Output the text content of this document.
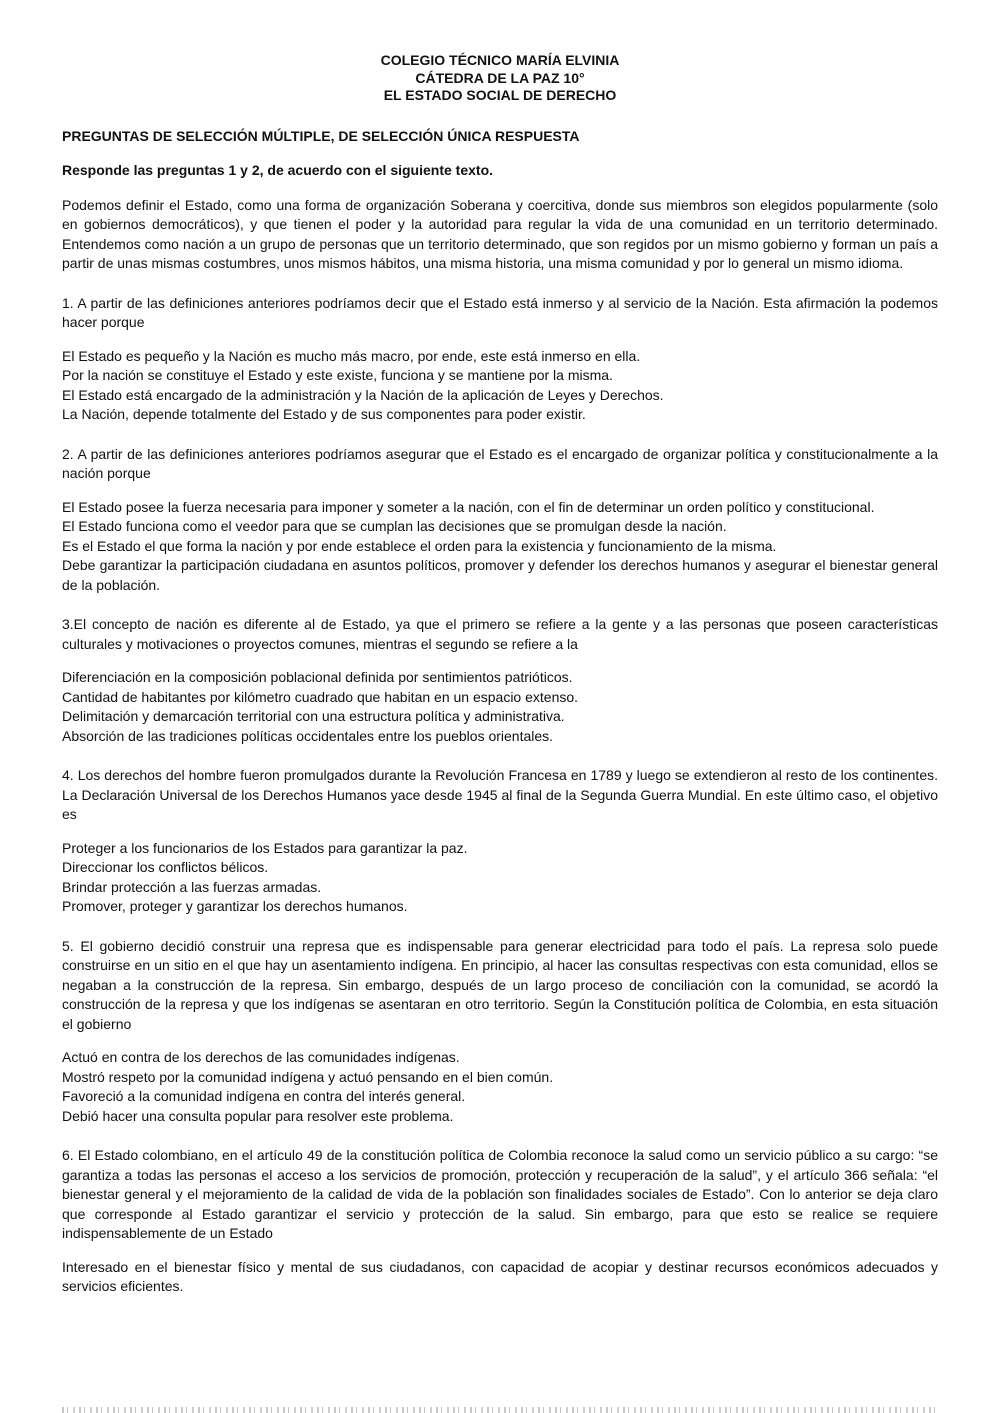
COLEGIO TÉCNICO MARÍA ELVINIA
CÁTEDRA DE LA PAZ 10°
EL ESTADO SOCIAL DE DERECHO

PREGUNTAS DE SELECCIÓN MÚLTIPLE, DE SELECCIÓN ÚNICA RESPUESTA

Responde las preguntas 1 y 2, de acuerdo con el siguiente texto.

Podemos definir el Estado, como una forma de organización Soberana y coercitiva, donde sus miembros son elegidos popularmente (solo en gobiernos democráticos), y que tienen el poder y la autoridad para regular la vida de una comunidad en un territorio determinado. Entendemos como nación a un grupo de personas que un territorio determinado, que son regidos por un mismo gobierno y forman un país a partir de unas mismas costumbres, unos mismos hábitos, una misma historia, una misma comunidad y por lo general un mismo idioma.

1. A partir de las definiciones anteriores podríamos decir que el Estado está inmerso y al servicio de la Nación. Esta afirmación la podemos hacer porque

El Estado es pequeño y la Nación es mucho más macro, por ende, este está inmerso en ella.

Por la nación se constituye el Estado y este existe, funciona y se mantiene por la misma.

El Estado está encargado de la administración y la Nación de la aplicación de Leyes y Derechos.

La Nación, depende totalmente del Estado y de sus componentes para poder existir.

2. A partir de las definiciones anteriores podríamos asegurar que el Estado es el encargado de organizar política y constitucionalmente a la nación porque

El Estado posee la fuerza necesaria para imponer y someter a la nación, con el fin de determinar un orden político y constitucional.

El Estado funciona como el veedor para que se cumplan las decisiones que se promulgan desde la nación.

Es el Estado el que forma la nación y por ende establece el orden para la existencia y funcionamiento de la misma.

Debe garantizar la participación ciudadana en asuntos políticos, promover y defender los derechos humanos y asegurar el bienestar general de la población.

3.El concepto de nación es diferente al de Estado, ya que el primero se refiere a la gente y a las personas que poseen características culturales y motivaciones o proyectos comunes, mientras el segundo se refiere a la

Diferenciación en la composición poblacional definida por sentimientos patrióticos.

Cantidad de habitantes por kilómetro cuadrado que habitan en un espacio extenso.

Delimitación y demarcación territorial con una estructura política y administrativa.

Absorción de las tradiciones políticas occidentales entre los pueblos orientales.

4. Los derechos del hombre fueron promulgados durante la Revolución Francesa en 1789 y luego se extendieron al resto de los continentes. La Declaración Universal de los Derechos Humanos yace desde 1945 al final de la Segunda Guerra Mundial. En este último caso, el objetivo es

Proteger a los funcionarios de los Estados para garantizar la paz.

Direccionar los conflictos bélicos.

Brindar protección a las fuerzas armadas.

Promover, proteger y garantizar los derechos humanos.

5. El gobierno decidió construir una represa que es indispensable para generar electricidad para todo el país. La represa solo puede construirse en un sitio en el que hay un asentamiento indígena. En principio, al hacer las consultas respectivas con esta comunidad, ellos se negaban a la construcción de la represa. Sin embargo, después de un largo proceso de conciliación con la comunidad, se acordó la construcción de la represa y que los indígenas se asentaran en otro territorio. Según la Constitución política de Colombia, en esta situación el gobierno

Actuó en contra de los derechos de las comunidades indígenas.

Mostró respeto por la comunidad indígena y actuó pensando en el bien común.

Favoreció a la comunidad indígena en contra del interés general.

Debió hacer una consulta popular para resolver este problema.

6. El Estado colombiano, en el artículo 49 de la constitución política de Colombia reconoce la salud como un servicio público a su cargo: “se garantiza a todas las personas el acceso a los servicios de promoción, protección y recuperación de la salud”, y el artículo 366 señala: “el bienestar general y el mejoramiento de la calidad de vida de la población son finalidades sociales de Estado”. Con lo anterior se deja claro que corresponde al Estado garantizar el servicio y protección de la salud. Sin embargo, para que esto se realice se requiere indispensablemente de un Estado

Interesado en el bienestar físico y mental de sus ciudadanos, con capacidad de acopiar y destinar recursos económicos adecuados y servicios eficientes.
